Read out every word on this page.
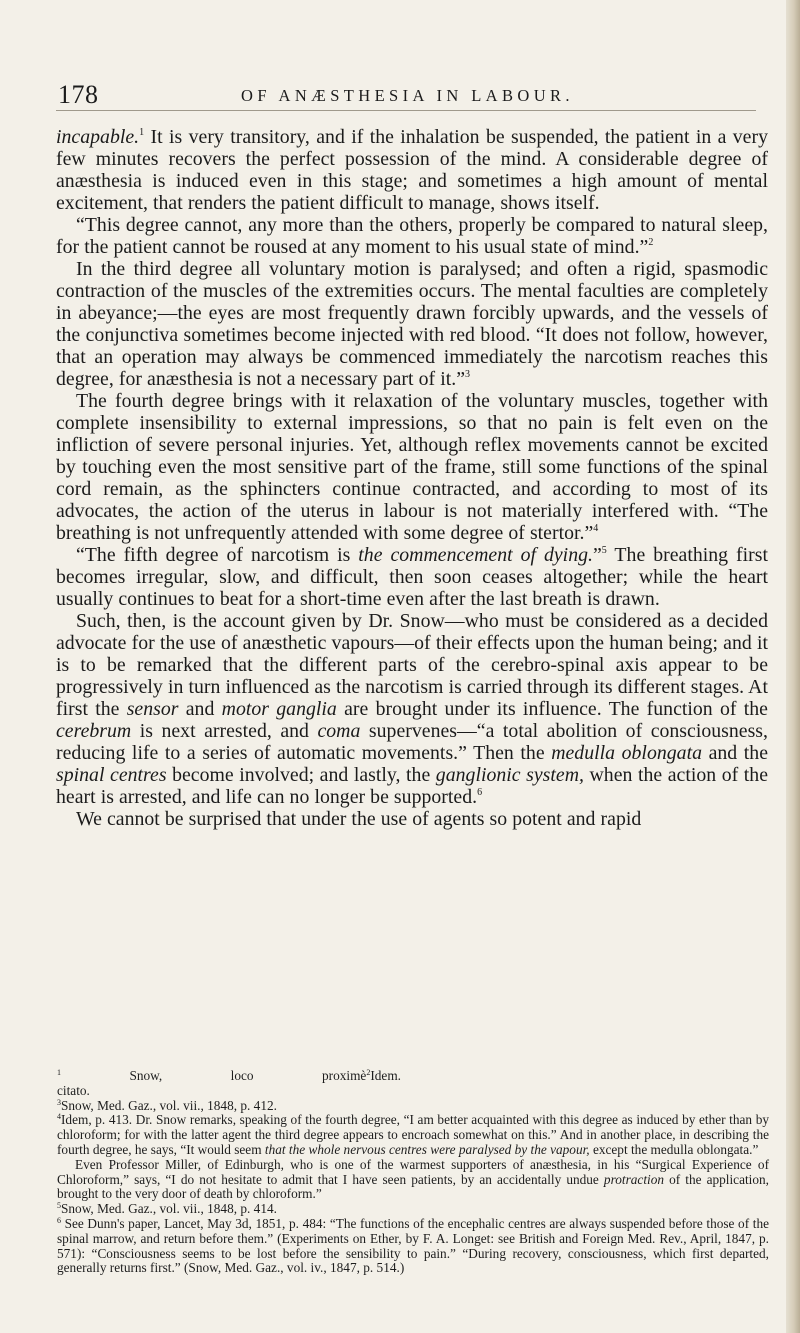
178	OF ANÆSTHESIA IN LABOUR.

incapable.$^1$ It is very transitory, and if the inhalation be suspended, the patient in a very few minutes recovers the perfect possession of the mind. A considerable degree of anæsthesia is induced even in this stage; and sometimes a high amount of mental excitement, that renders the patient difficult to manage, shows itself.

“This degree cannot, any more than the others, properly be compared to natural sleep, for the patient cannot be roused at any moment to his usual state of mind.”$^2$

In the third degree all voluntary motion is paralysed; and often a rigid, spasmodic contraction of the muscles of the extremities occurs. The mental faculties are completely in abeyance;—the eyes are most frequently drawn forcibly upwards, and the vessels of the conjunctiva sometimes become injected with red blood. “It does not follow, however, that an operation may always be commenced immediately the narcotism reaches this degree, for anæsthesia is not a necessary part of it.”$^3$

The fourth degree brings with it relaxation of the voluntary muscles, together with complete insensibility to external impressions, so that no pain is felt even on the infliction of severe personal injuries. Yet, although reflex movements cannot be excited by touching even the most sensitive part of the frame, still some functions of the spinal cord remain, as the sphincters continue contracted, and according to most of its advocates, the action of the uterus in labour is not materially interfered with. “The breathing is not unfrequently attended with some degree of stertor.”$^4$

“The fifth degree of narcotism is the commencement of dying.”$^5$ The breathing first becomes irregular, slow, and difficult, then soon ceases altogether; while the heart usually continues to beat for a short-time even after the last breath is drawn.

Such, then, is the account given by Dr. Snow—who must be considered as a decided advocate for the use of anæsthetic vapours—of their effects upon the human being; and it is to be remarked that the different parts of the cerebro-spinal axis appear to be progressively in turn influenced as the narcotism is carried through its different stages. At first the sensor and motor ganglia are brought under its influence. The function of the cerebrum is next arrested, and coma supervenes—“a total abolition of consciousness, reducing life to a series of automatic movements.” Then the medulla oblongata and the spinal centres become involved; and lastly, the ganglionic system, when the action of the heart is arrested, and life can no longer be supported.$^6$

We cannot be surprised that under the use of agents so potent and rapid

$^1$ Snow, loco proximè citato.
$^2$Idem.

$^3$Snow, Med. Gaz., vol. vii., 1848, p. 412.

$^4$Idem, p. 413. Dr. Snow remarks, speaking of the fourth degree, “I am better acquainted with this degree as induced by ether than by chloroform; for with the latter agent the third degree appears to encroach somewhat on this.” And in another place, in describing the fourth degree, he says, “It would seem that the whole nervous centres were paralysed by the vapour, except the medulla oblongata.”

Even Professor Miller, of Edinburgh, who is one of the warmest supporters of anæsthesia, in his “Surgical Experience of Chloroform,” says, “I do not hesitate to admit that I have seen patients, by an accidentally undue protraction of the application, brought to the very door of death by chloroform.”

$^5$Snow, Med. Gaz., vol. vii., 1848, p. 414.

$^6$ See Dunn's paper, Lancet, May 3d, 1851, p. 484: “The functions of the encephalic centres are always suspended before those of the spinal marrow, and return before them.” (Experiments on Ether, by F. A. Longet: see British and Foreign Med. Rev., April, 1847, p. 571): “Consciousness seems to be lost before the sensibility to pain.” “During recovery, consciousness, which first departed, generally returns first.” (Snow, Med. Gaz., vol. iv., 1847, p. 514.)
